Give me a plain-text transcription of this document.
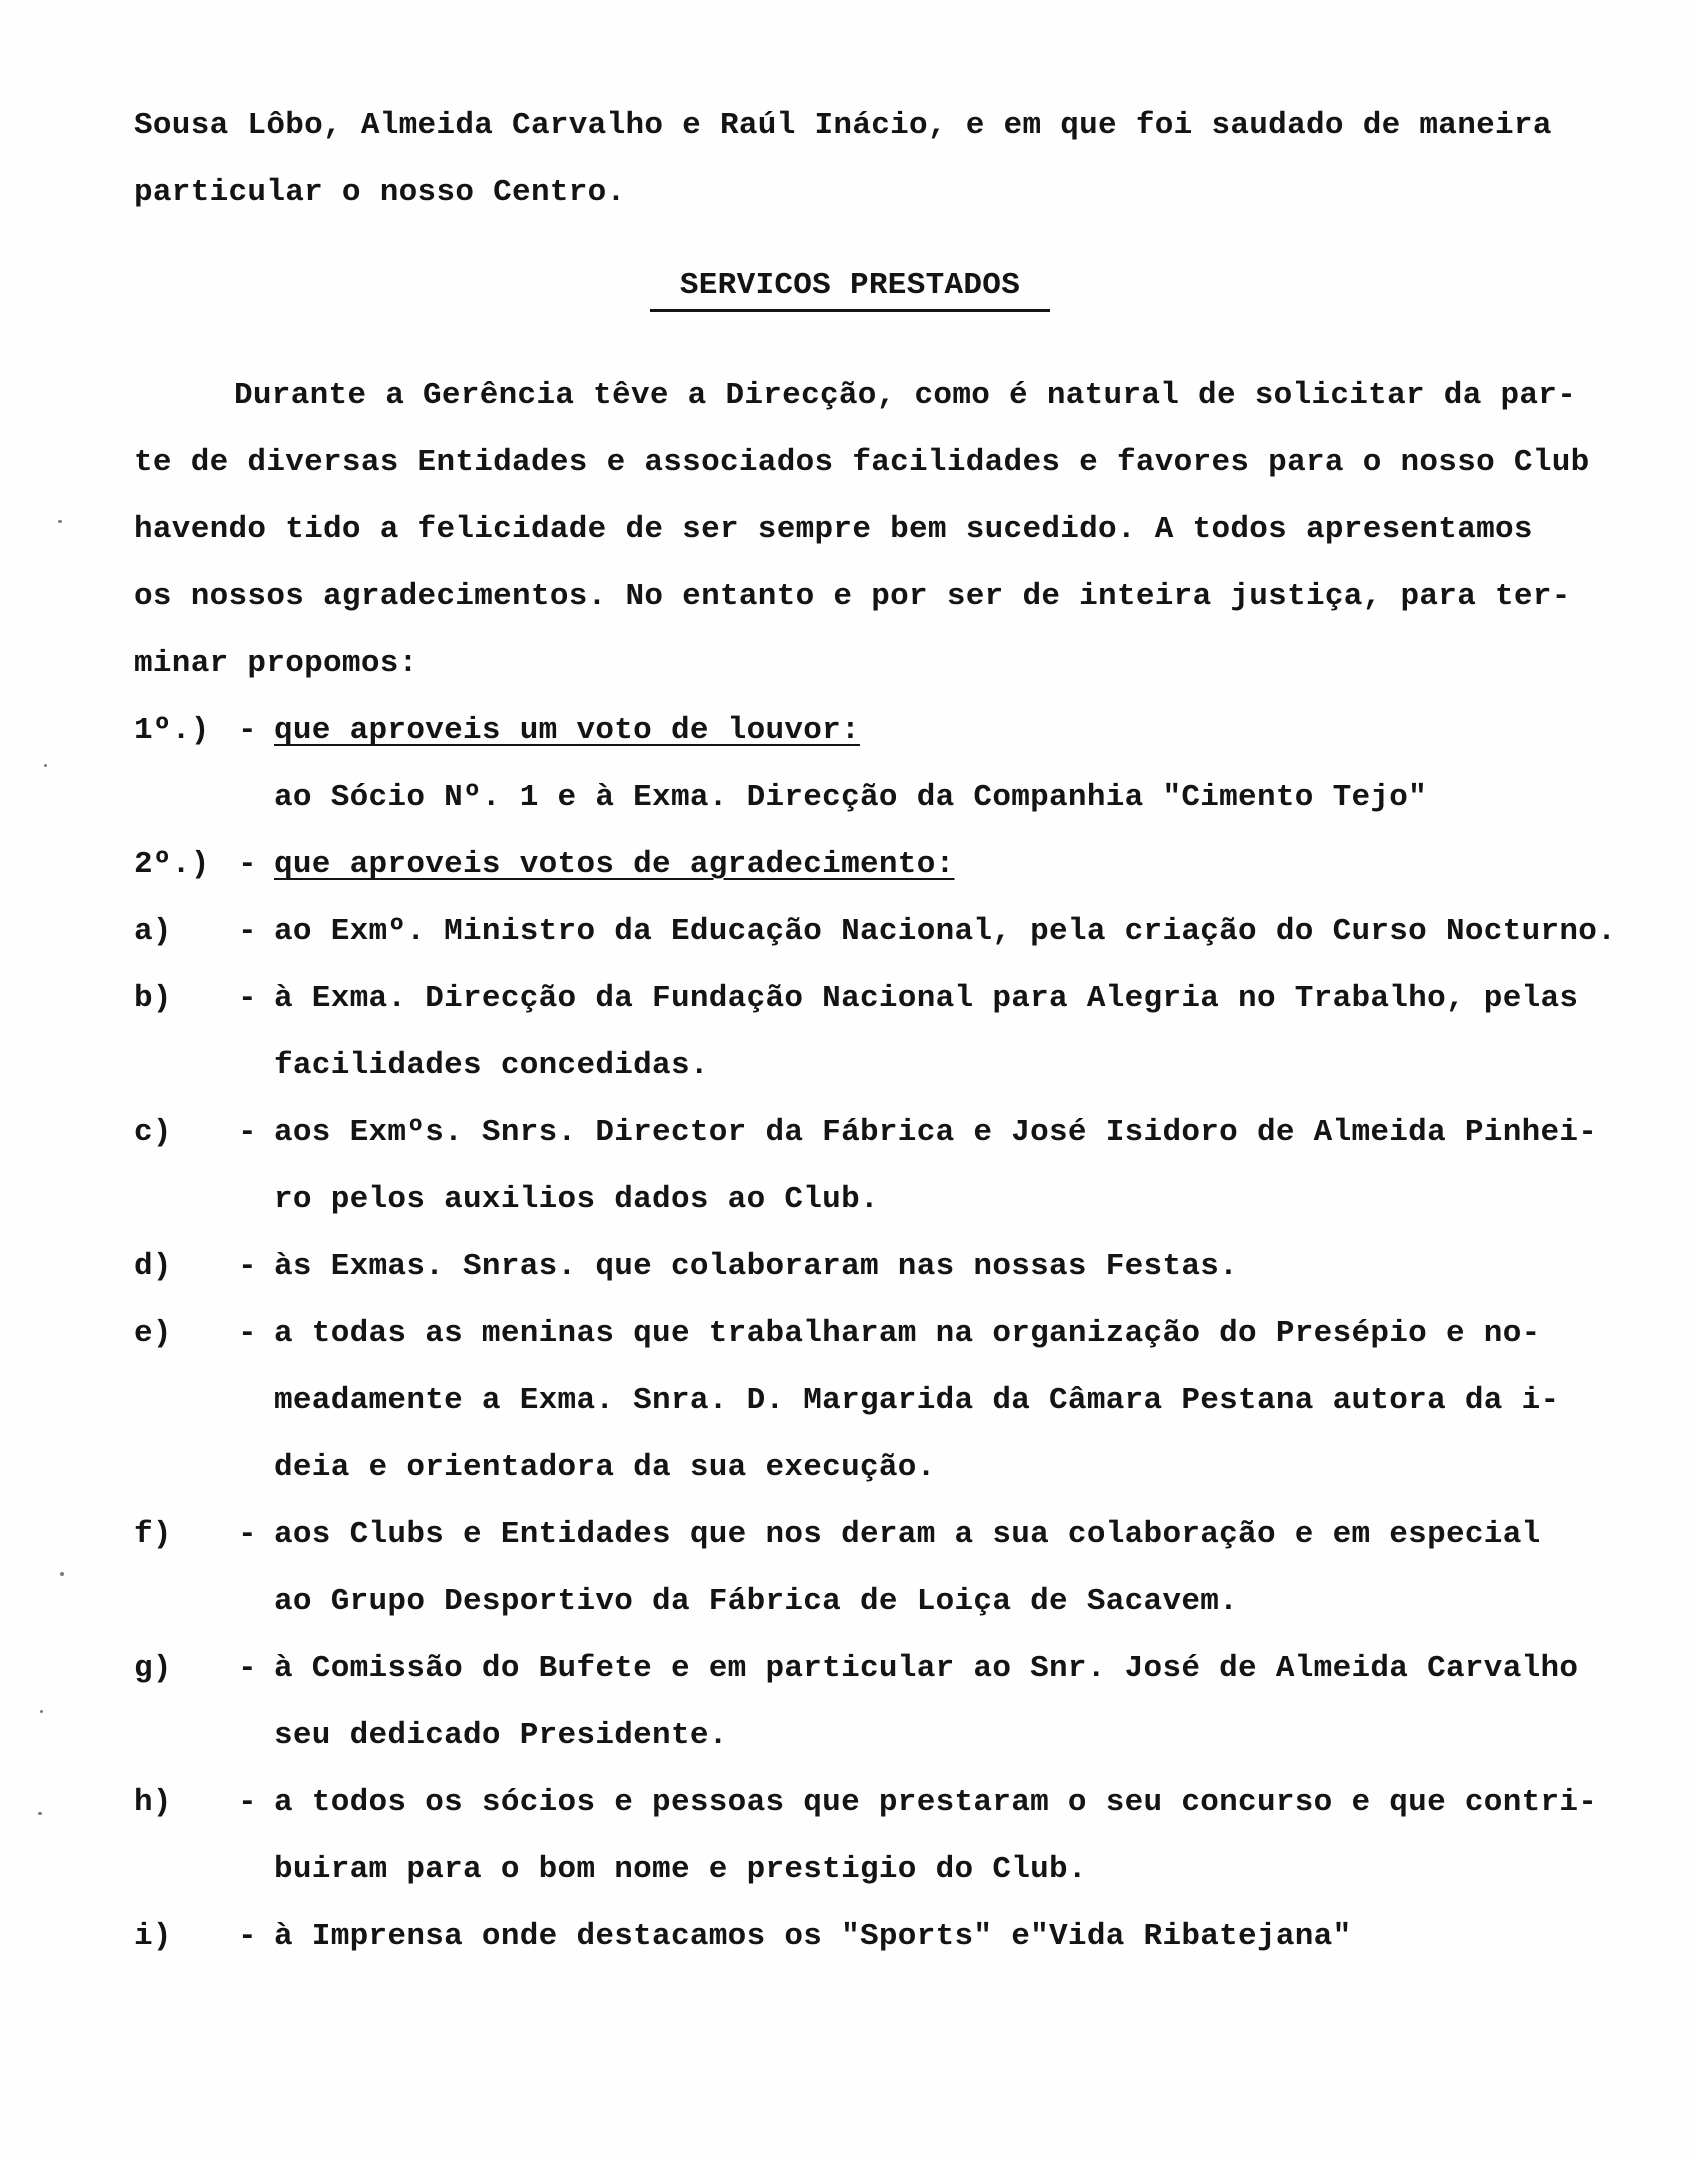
Sousa Lôbo, Almeida Carvalho e Raúl Inácio, e em que foi saudado de maneira
particular o nosso Centro.
SERVICOS PRESTADOS
Durante a Gerência têve a Direcção, como é natural de solicitar da par-
te de diversas Entidades e associados facilidades e favores para o nosso Club
havendo tido a felicidade de ser sempre bem sucedido. A todos apresentamos
os nossos agradecimentos. No entanto e por ser de inteira justiça, para ter-
minar propomos:
1º.) - que aproveis um voto de louvor:
ao Sócio Nº. 1 e à Exma. Direcção da Companhia "Cimento Tejo"
2º.) - que aproveis votos de agradecimento:
a) - ao Exmº. Ministro da Educação Nacional, pela criação do Curso Nocturno.
b) - à Exma. Direcção da Fundação Nacional para Alegria no Trabalho, pelas
facilidades concedidas.
c) - aos Exmºs. Snrs. Director da Fábrica e José Isidoro de Almeida Pinhei-
ro pelos auxilios dados ao Club.
d) - às Exmas. Snras. que colaboraram nas nossas Festas.
e) - a todas as meninas que trabalharam na organização do Presépio e no-
meadamente a Exma. Snra. D. Margarida da Câmara Pestana autora da i-
deia e orientadora da sua execução.
f) - aos Clubs e Entidades que nos deram a sua colaboração e em especial
ao Grupo Desportivo da Fábrica de Loiça de Sacavem.
g) - à Comissão do Bufete e em particular ao Snr. José de Almeida Carvalho
seu dedicado Presidente.
h) - a todos os sócios e pessoas que prestaram o seu concurso e que contri-
buiram para o bom nome e prestigio do Club.
i) - à Imprensa onde destacamos os "Sports" e"Vida Ribatejana"
